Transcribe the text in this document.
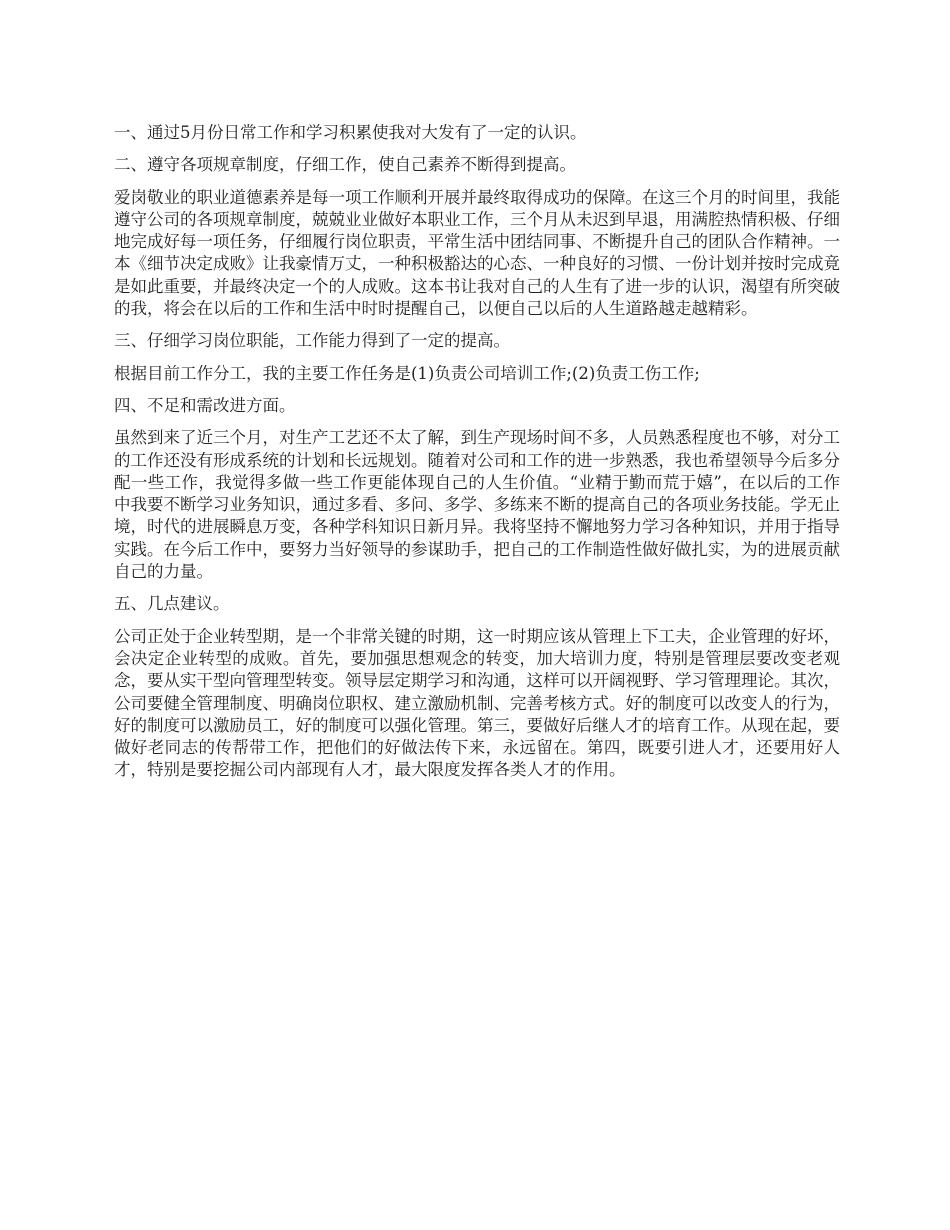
一、通过5月份日常工作和学习积累使我对大发有了一定的认识。

二、遵守各项规章制度，仔细工作，使自己素养不断得到提高。

爱岗敬业的职业道德素养是每一项工作顺利开展并最终取得成功的保障。在这三个月的时间里，我能遵守公司的各项规章制度，兢兢业业做好本职业工作，三个月从未迟到早退，用满腔热情积极、仔细地完成好每一项任务，仔细履行岗位职责，平常生活中团结同事、不断提升自己的团队合作精神。一本《细节决定成败》让我豪情万丈，一种积极豁达的心态、一种良好的习惯、一份计划并按时完成竟是如此重要，并最终决定一个的人成败。这本书让我对自己的人生有了进一步的认识，渴望有所突破的我，将会在以后的工作和生活中时时提醒自己，以便自己以后的人生道路越走越精彩。

三、仔细学习岗位职能，工作能力得到了一定的提高。

根据目前工作分工，我的主要工作任务是(1)负责公司培训工作;(2)负责工伤工作;

四、不足和需改进方面。

虽然到来了近三个月，对生产工艺还不太了解，到生产现场时间不多，人员熟悉程度也不够，对分工的工作还没有形成系统的计划和长远规划。随着对公司和工作的进一步熟悉，我也希望领导今后多分配一些工作，我觉得多做一些工作更能体现自己的人生价值。“业精于勤而荒于嬉”，在以后的工作中我要不断学习业务知识，通过多看、多问、多学、多练来不断的提高自己的各项业务技能。学无止境，时代的进展瞬息万变，各种学科知识日新月异。我将坚持不懈地努力学习各种知识，并用于指导实践。在今后工作中，要努力当好领导的参谋助手，把自己的工作制造性做好做扎实，为的进展贡献自己的力量。

五、几点建议。

公司正处于企业转型期，是一个非常关键的时期，这一时期应该从管理上下工夫，企业管理的好坏，会决定企业转型的成败。首先，要加强思想观念的转变，加大培训力度，特别是管理层要改变老观念，要从实干型向管理型转变。领导层定期学习和沟通，这样可以开阔视野、学习管理理论。其次，公司要健全管理制度、明确岗位职权、建立激励机制、完善考核方式。好的制度可以改变人的行为，好的制度可以激励员工，好的制度可以强化管理。第三，要做好后继人才的培育工作。从现在起，要做好老同志的传帮带工作，把他们的好做法传下来，永远留在。第四，既要引进人才，还要用好人才，特别是要挖掘公司内部现有人才，最大限度发挥各类人才的作用。
